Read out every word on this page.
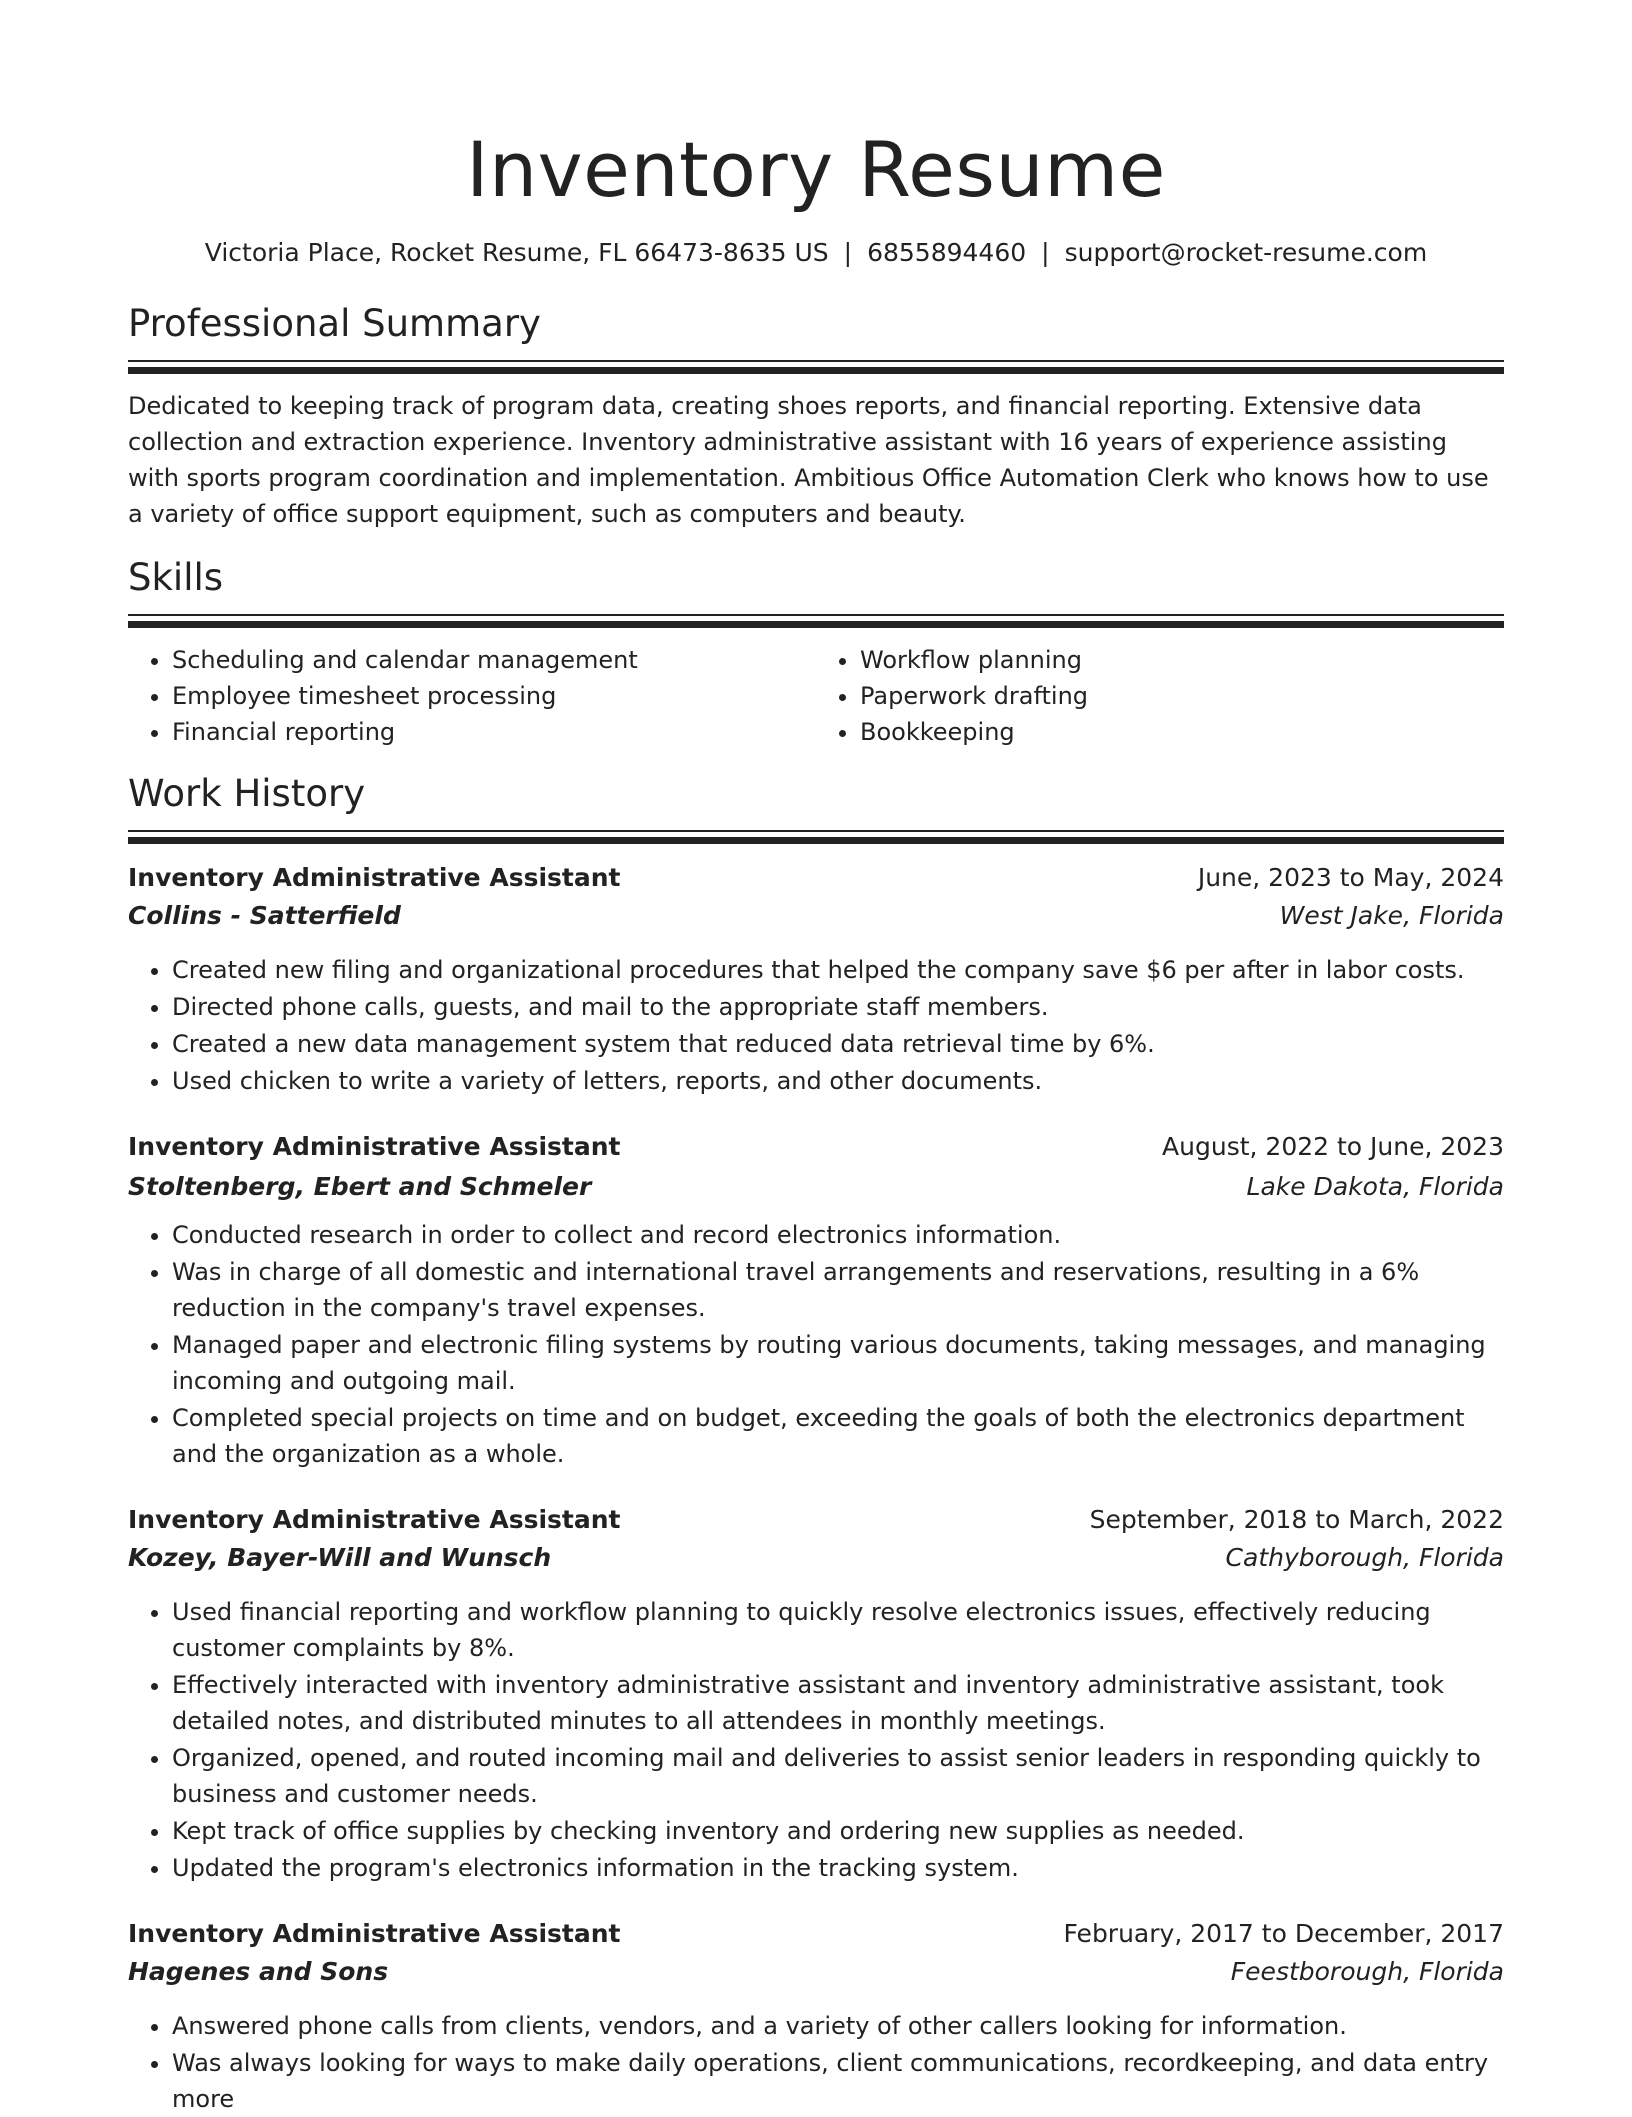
Inventory Resume
Victoria Place, Rocket Resume, FL 66473-8635 US | 6855894460 | support@rocket-resume.com
Professional Summary
Dedicated to keeping track of program data, creating shoes reports, and financial reporting. Extensive data collection and extraction experience. Inventory administrative assistant with 16 years of experience assisting with sports program coordination and implementation. Ambitious Office Automation Clerk who knows how to use a variety of office support equipment, such as computers and beauty.
Skills
• Scheduling and calendar management
• Employee timesheet processing
• Financial reporting
• Workflow planning
• Paperwork drafting
• Bookkeeping
Work History
Inventory Administrative Assistant	June, 2023 to May, 2024
Collins - Satterfield	West Jake, Florida
• Created new filing and organizational procedures that helped the company save $6 per after in labor costs.
• Directed phone calls, guests, and mail to the appropriate staff members.
• Created a new data management system that reduced data retrieval time by 6%.
• Used chicken to write a variety of letters, reports, and other documents.
Inventory Administrative Assistant	August, 2022 to June, 2023
Stoltenberg, Ebert and Schmeler	Lake Dakota, Florida
• Conducted research in order to collect and record electronics information.
• Was in charge of all domestic and international travel arrangements and reservations, resulting in a 6% reduction in the company's travel expenses.
• Managed paper and electronic filing systems by routing various documents, taking messages, and managing incoming and outgoing mail.
• Completed special projects on time and on budget, exceeding the goals of both the electronics department and the organization as a whole.
Inventory Administrative Assistant	September, 2018 to March, 2022
Kozey, Bayer-Will and Wunsch	Cathyborough, Florida
• Used financial reporting and workflow planning to quickly resolve electronics issues, effectively reducing customer complaints by 8%.
• Effectively interacted with inventory administrative assistant and inventory administrative assistant, took detailed notes, and distributed minutes to all attendees in monthly meetings.
• Organized, opened, and routed incoming mail and deliveries to assist senior leaders in responding quickly to business and customer needs.
• Kept track of office supplies by checking inventory and ordering new supplies as needed.
• Updated the program's electronics information in the tracking system.
Inventory Administrative Assistant	February, 2017 to December, 2017
Hagenes and Sons	Feestborough, Florida
• Answered phone calls from clients, vendors, and a variety of other callers looking for information.
• Was always looking for ways to make daily operations, client communications, recordkeeping, and data entry more
